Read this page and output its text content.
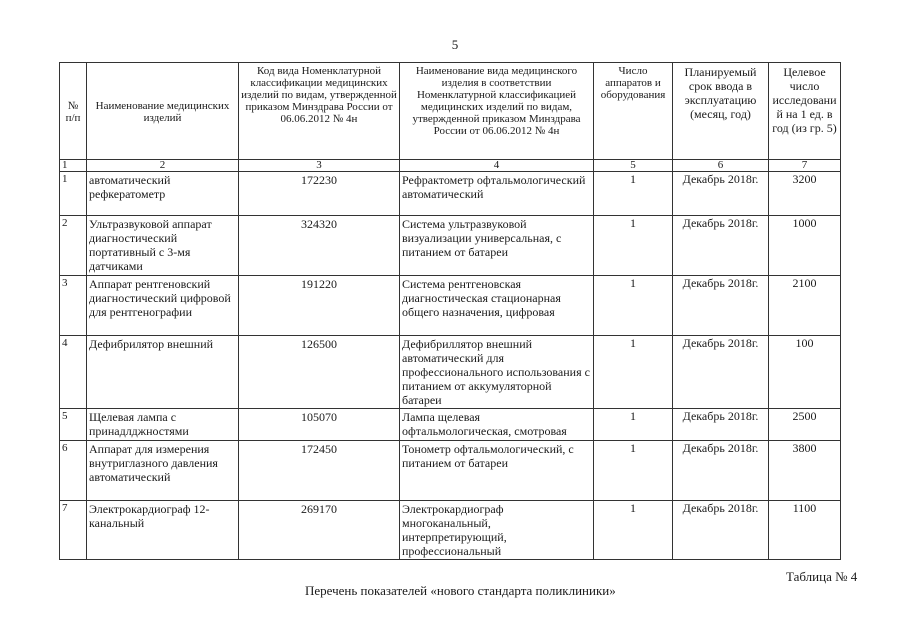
5
№ п/п	Наименование медицинских изделий	Код вида Номенклатурной классификации медицинских изделий по видам, утвержденной приказом Минздрава России от 06.06.2012 № 4н	Наименование вида медицинского изделия в соответствии Номенклатурной классификацией медицинских изделий по видам, утвержденной приказом Минздрава России от 06.06.2012 № 4н	Число аппаратов и оборудования	Планируемый срок ввода в эксплуатацию (месяц, год)	Целевое число исследований на 1 ед. в год (из гр. 5)
1	2	3	4	5	6	7
1	автоматический рефкератометр	172230	Рефрактометр офтальмологический автоматический	1	Декабрь 2018г.	3200
2	Ультразвуковой аппарат диагностический портативный с 3-мя датчиками	324320	Система ультразвуковой визуализации универсальная, с питанием от батареи	1	Декабрь 2018г.	1000
3	Аппарат рентгеновский диагностический цифровой для рентгенографии	191220	Система рентгеновская диагностическая стационарная общего назначения, цифровая	1	Декабрь 2018г.	2100
4	Дефибрилятор внешний	126500	Дефибриллятор внешний автоматический для профессионального использования с питанием от аккумуляторной батареи	1	Декабрь 2018г.	100
5	Щелевая лампа с принадлджностями	105070	Лампа щелевая офтальмологическая, смотровая	1	Декабрь 2018г.	2500
6	Аппарат для измерения внутриглазного давления автоматический	172450	Тонометр офтальмологический, с питанием от батареи	1	Декабрь 2018г.	3800
7	Электрокардиограф 12-канальный	269170	Электрокардиограф многоканальный, интерпретирующий, профессиональный	1	Декабрь 2018г.	1100
Таблица № 4
Перечень показателей «нового стандарта поликлиники»
